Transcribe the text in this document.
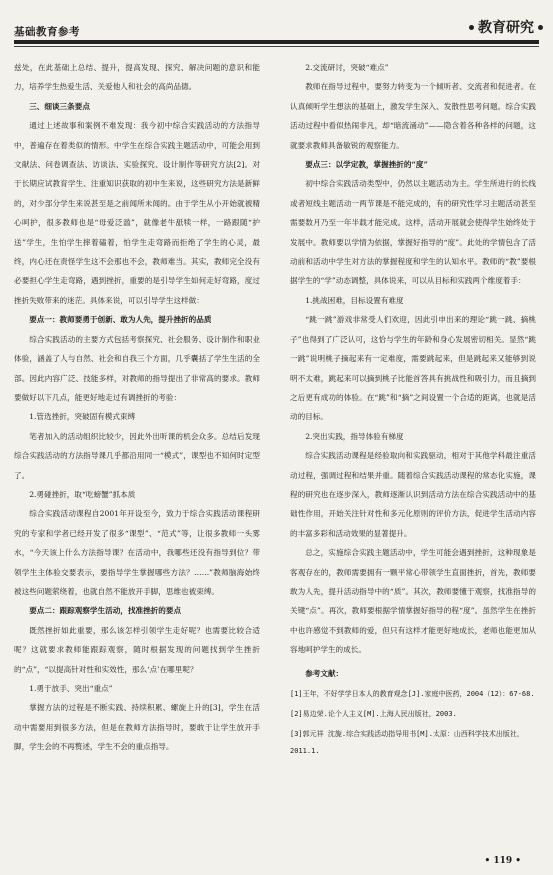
基础教育参考	教育研究
兹处，在此基础上总结、提升，提高发现、探究、解决问题的意识和能力，培养学生热爱生活、关爱他人和社会的高尚品德。
三、细谈三条要点
通过上述故事和案例不难发现：我今初中综合实践活动的方法指导中，普遍存在着类似的情形。中学生在综合实践主题活动中，可能会用到文献法、问卷调查法、访谈法、实验探究、设计制作等研究方法[2]。对于长期应试教育学生、注重知识获取的初中生来说，这些研究方法是新鲜的，对少部分学生来说甚至是之前闻所未闻的。由于学生从小开始就被精心呵护，很多教师也是“母爱泛滥”，就像老牛舐犊一样，一路跟随“护送”学生，生怕学生摔着磕着，怕学生走弯路而拒绝了学生的心灵，最终，内心还在责怪学生这不会那也不会，教师难当。其实，教师完全没有必要担心学生走弯路，遇到挫折，重要的是引导学生如何走好弯路，度过挫折失败带来的迷茫。具体来说，可以引导学生这样做：
要点一：教师要勇于创新、敢为人先，提升挫折的品质
综合实践活动的主要方式包括考察探究、社会服务、设计制作和职业体验，涵盖了人与自然、社会和自我三个方面，几乎囊括了学生生活的全部。因此内容广泛、技能多样，对教师的指导提出了非常高的要求。教师要做好以下几点，能更好地走过有调挫折的考验：
1.管选挫折，突破固有模式束缚
笔者加入的活动组织比较少，因此外出听课的机会众多。总结后发现综合实践活动的方法指导课几乎都沿用同一“模式”，课型也不知何时定型了。
2.勇碰挫折，取“吃螃蟹”抓本质
综合实践活动课程自2001年开设至今，致力于综合实践活动课程研究的专家和学者已经开发了很多“课型”、“范式”等，让很多教师一头雾水，“今天该上什么方法指导课？在活动中，我哪些还没有指导到位？带领学生主体验交要表示，要指导学生掌握哪些方法？……”教师脑海始终被这些问题萦绕着，也就自然不能放开手脚，思维也被束缚。
要点二：跟踪观察学生活动，找准挫折的要点
既然挫折如此重要，那么该怎样引领学生走好呢？也需要比较合适呢？这就要求教师能跟踪观察，随时根据发现的问题找到学生挫折的“点”，“以提高针对性和实效性，那么‘点’在哪里呢？
1.勇于放手、突出“重点”
掌握方法的过程是不断实践、持续积累、螺旋上升的[3]，学生在活动中需要用到很多方法，但是在教师方法指导时，要敢于让学生放开手脚，学生会的不再赘述，学生不会的重点指导。
2.交流研讨，突破“难点”
教师在指导过程中，要努力转变为一个倾听者、交流者和促进者。在认真倾听学生想法的基础上，激发学生深入、发散性思考问题。综合实践活动过程中看似热闹非凡，却“暗流涌动”——隐含着各种各样的问题，这就要求教师具备敏锐的观察能力。
要点三：以学定教，掌握挫折的“度”
初中综合实践活动类型中，仍然以主题活动为主。学生所进行的长线或者短线主题活动一两节课是不能完成的，有的研究性学习主题活动甚至需要数月乃至一年半载才能完成。这样，活动开展就会使得学生始终处于发展中。教师要以学情为依据，掌握好指导的“度”。此处的学情包含了活动前和活动中学生对方法的掌握程度和学生的认知水平。教师的“教”要根据学生的“学”动态调整，具体说来，可以从目标和实践两个维度着手：
1.挑战困难，目标设置有难度
“跳一跳”游戏非常受人们欢迎，因此引申出来的理论“跳一跳、摘桃子”也得到了广泛认可，这恰与学生的年龄和身心发展密切相关。显然“跳一跳”说明桃子摘起来有一定难度，需要跳起来，但是跳起来又能够到说明不太难，跳起来可以摘到桃子比能首答具有挑战性和吸引力，而且摘到之后更有成功的体验。在“跳”和“摘”之间设置一个合适的距离，也就是活动的目标。
2.突出实践，指导体验有梯度
综合实践活动课程是经验取向和实践驱动，相对于其他学科最注重活动过程，强调过程和结果并重。随着综合实践活动课程的常态化实施，课程的研究也在逐步深入，教师逐渐认识到活动方法在综合实践活动中的基础性作用，开始关注针对性和多元化原则的评价方法，促进学生活动内容的丰富多彩和活动效果的显著提升。
总之，实施综合实践主题活动中，学生可能会遇到挫折，这种现象是客观存在的，教师需要拥有一颗平常心带领学生直面挫折，首先，教师要敢为人先，提升活动指导中的“质”。其次，教师要懂于观察，找准指导的关键“点”。再次，教师要根据学情掌握好指导的程“度”。虽然学生在挫折中也许感觉不到教师的爱，但只有这样才能更好地成长，老师也能更加从容地呵护学生的成长。
参考文献：
[1]王年，不好学学日本人的教育观念[J].家庭中医药，2004（12）：67-68.
[2]易边荣.论个人主义[M].上海人民出版社，2003.
[3]郭元祥 沈旎.综合实践活动指导用书[M].太原：山西科学技术出版社，2011.1.
• 119 •
